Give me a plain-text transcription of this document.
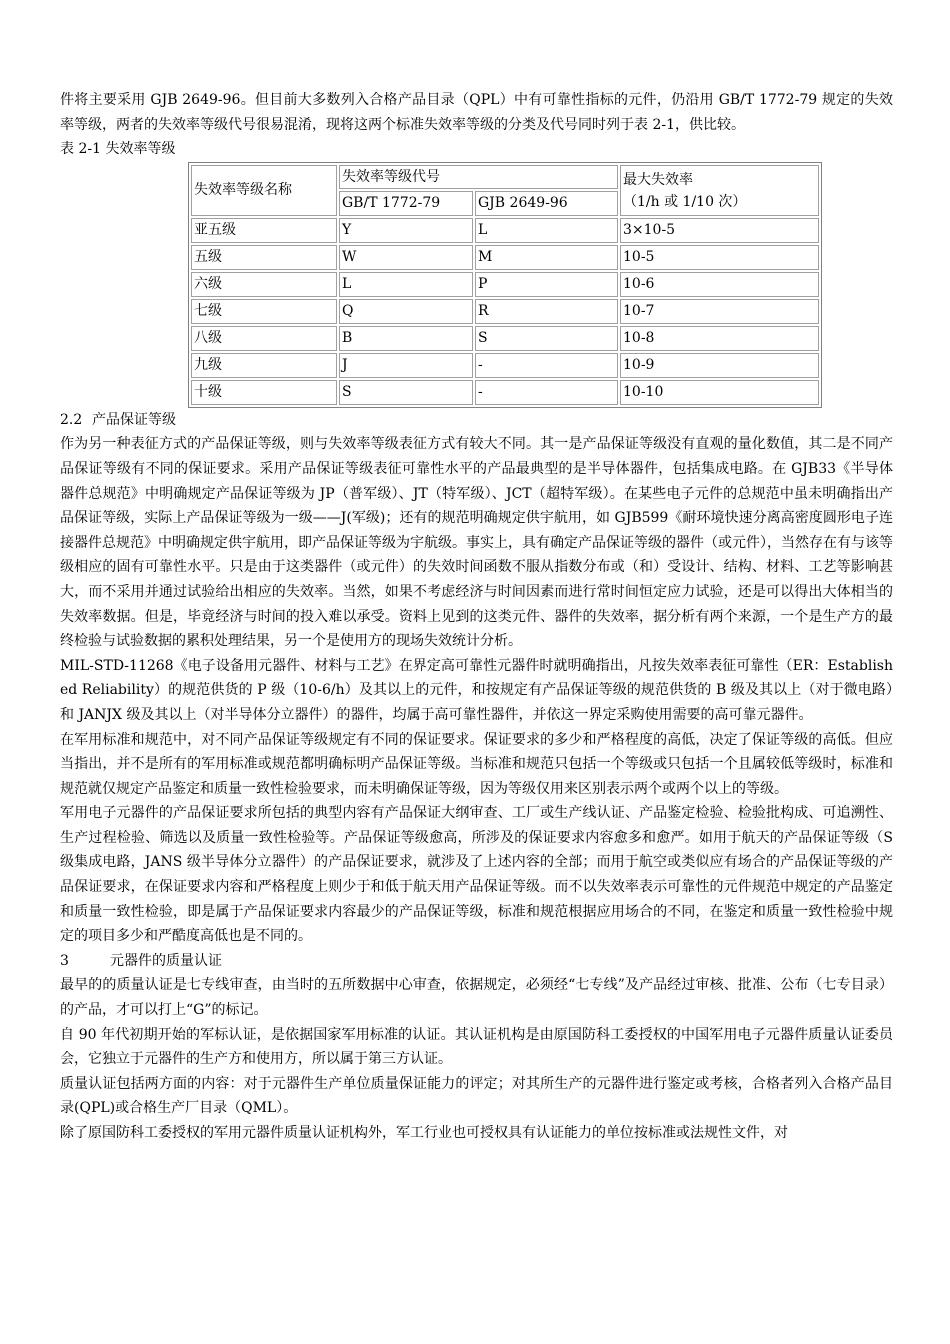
件将主要采用 GJB 2649-96。但目前大多数列入合格产品目录（QPL）中有可靠性指标的元件，仍沿用 GB/T 1772-79 规定的失效率等级，两者的失效率等级代号很易混淆，现将这两个标准失效率等级的分类及代号同时列于表 2-1，供比较。

表 2-1 失效率等级

失效率等级名称	失效率等级代号		最大失效率
（1/h 或 1/10 次）

	GB/T 1772-79	GJB 2649-96	
亚五级	Y	L	3×10-5
五级	W	M	10-5
六级	L	P	10-6
七级	Q	R	10-7
八级	B	S	10-8
九级	J	-	10-9
十级	S	-	10-10

2.2 产品保证等级

作为另一种表征方式的产品保证等级，则与失效率等级表征方式有较大不同。其一是产品保证等级没有直观的量化数值，其二是不同产品保证等级有不同的保证要求。采用产品保证等级表征可靠性水平的产品最典型的是半导体器件，包括集成电路。在 GJB33《半导体器件总规范》中明确规定产品保证等级为 JP（普军级）、JT（特军级）、JCT（超特军级）。在某些电子元件的总规范中虽未明确指出产品保证等级，实际上产品保证等级为一级——J(军级)；还有的规范明确规定供宇航用，如 GJB599《耐环境快速分离高密度圆形电子连接器件总规范》中明确规定供宇航用，即产品保证等级为宇航级。事实上，具有确定产品保证等级的器件（或元件），当然存在有与该等级相应的固有可靠性水平。只是由于这类器件（或元件）的失效时间函数不服从指数分布或（和）受设计、结构、材料、工艺等影响甚大，而不采用并通过试验给出相应的失效率。当然，如果不考虑经济与时间因素而进行常时间恒定应力试验，还是可以得出大体相当的失效率数据。但是，毕竟经济与时间的投入难以承受。资料上见到的这类元件、器件的失效率，据分析有两个来源，一个是生产方的最终检验与试验数据的累积处理结果，另一个是使用方的现场失效统计分析。

MIL-STD-11268《电子设备用元器件、材料与工艺》在界定高可靠性元器件时就明确指出，凡按失效率表征可靠性（ER：Established Reliability）的规范供货的 P 级（10-6/h）及其以上的元件，和按规定有产品保证等级的规范供货的 B 级及其以上（对于微电路）和 JANJX 级及其以上（对半导体分立器件）的器件，均属于高可靠性器件，并依这一界定采购使用需要的高可靠元器件。

在军用标准和规范中，对不同产品保证等级规定有不同的保证要求。保证要求的多少和严格程度的高低，决定了保证等级的高低。但应当指出，并不是所有的军用标准或规范都明确标明产品保证等级。当标准和规范只包括一个等级或只包括一个且属较低等级时，标准和规范就仅规定产品鉴定和质量一致性检验要求，而未明确保证等级，因为等级仅用来区别表示两个或两个以上的等级。

军用电子元器件的产品保证要求所包括的典型内容有产品保证大纲审查、工厂或生产线认证、产品鉴定检验、检验批构成、可追溯性、生产过程检验、筛选以及质量一致性检验等。产品保证等级愈高，所涉及的保证要求内容愈多和愈严。如用于航天的产品保证等级（S 级集成电路，JANS 级半导体分立器件）的产品保证要求，就涉及了上述内容的全部；而用于航空或类似应有场合的产品保证等级的产品保证要求，在保证要求内容和严格程度上则少于和低于航天用产品保证等级。而不以失效率表示可靠性的元件规范中规定的产品鉴定和质量一致性检验，即是属于产品保证要求内容最少的产品保证等级，标准和规范根据应用场合的不同，在鉴定和质量一致性检验中规定的项目多少和严酷度高低也是不同的。

3	元器件的质量认证

最早的的质量认证是七专线审查，由当时的五所数据中心审查，依据规定，必须经“七专线”及产品经过审核、批准、公布（七专目录）的产品，才可以打上“G”的标记。

自 90 年代初期开始的军标认证，是依据国家军用标准的认证。其认证机构是由原国防科工委授权的中国军用电子元器件质量认证委员会，它独立于元器件的生产方和使用方，所以属于第三方认证。

质量认证包括两方面的内容：对于元器件生产单位质量保证能力的评定；对其所生产的元器件进行鉴定或考核，合格者列入合格产品目录(QPL)或合格生产厂目录（QML）。

除了原国防科工委授权的军用元器件质量认证机构外，军工行业也可授权具有认证能力的单位按标准或法规性文件，对
